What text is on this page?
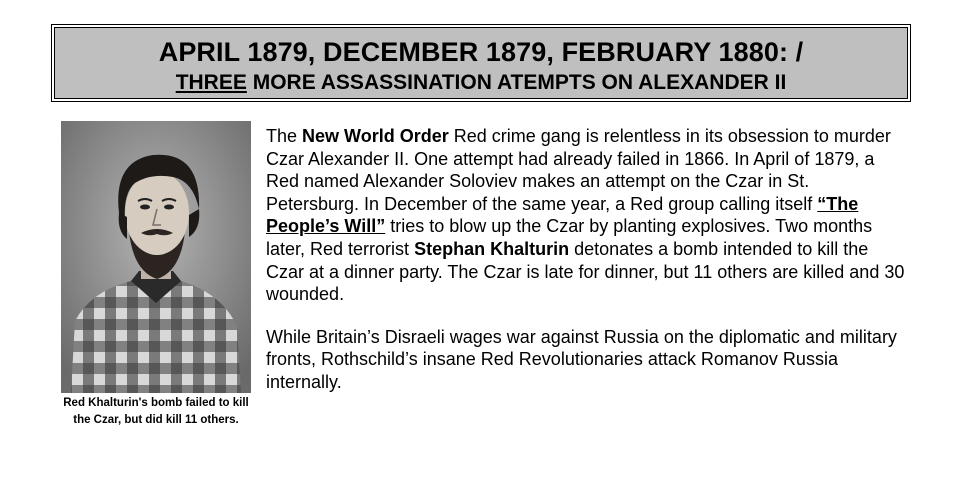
APRIL 1879, DECEMBER 1879, FEBRUARY 1880: /
THREE MORE ASSASSINATION ATEMPTS ON ALEXANDER II
Red Khalturin's bomb failed to kill the Czar, but did kill 11 others.

The New World Order Red crime gang is relentless in its obsession to murder Czar Alexander II. One attempt had already failed in 1866. In April of 1879, a Red named Alexander Soloviev makes an attempt on the Czar in St. Petersburg. In December of the same year, a Red group calling itself “The People’s Will” tries to blow up the Czar by planting explosives. Two months later, Red terrorist Stephan Khalturin detonates a bomb intended to kill the Czar at a dinner party. The Czar is late for dinner, but 11 others are killed and 30 wounded.

While Britain’s Disraeli wages war against Russia on the diplomatic and military fronts, Rothschild’s insane Red Revolutionaries attack Romanov Russia internally.
